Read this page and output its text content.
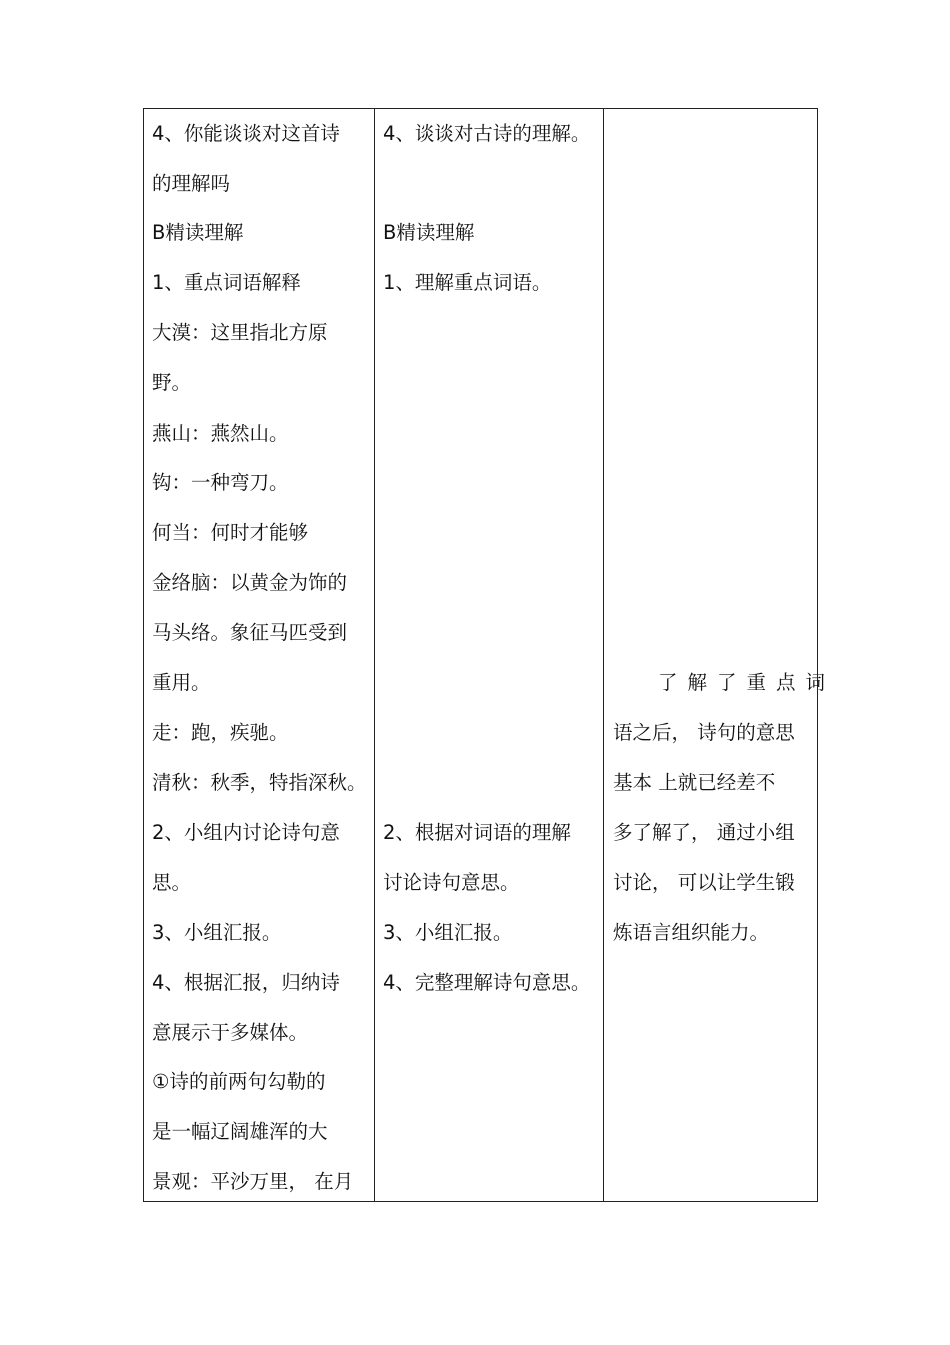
4、你能谈谈对这首诗
的理解吗
B精读理解
1、重点词语解释
大漠：这里指北方原
野。
燕山：燕然山。
钩：一种弯刀。
何当：何时才能够
金络脑：以黄金为饰的
马头络。象征马匹受到
重用。
走：跑，疾驰。
清秋：秋季，特指深秋。
2、小组内讨论诗句意
思。
3、小组汇报。
4、根据汇报，归纳诗
意展示于多媒体。
①诗的前两句勾勒的
是一幅辽阔雄浑的大
景观：平沙万里， 在月
4、谈谈对古诗的理解。
B精读理解
1、理解重点词语。
2、根据对词语的理解
讨论诗句意思。
3、小组汇报。
4、完整理解诗句意思。
了解了重点词
语之后， 诗句的意思
基本 上就已经差不
多了解了， 通过小组
讨论， 可以让学生锻
炼语言组织能力。
